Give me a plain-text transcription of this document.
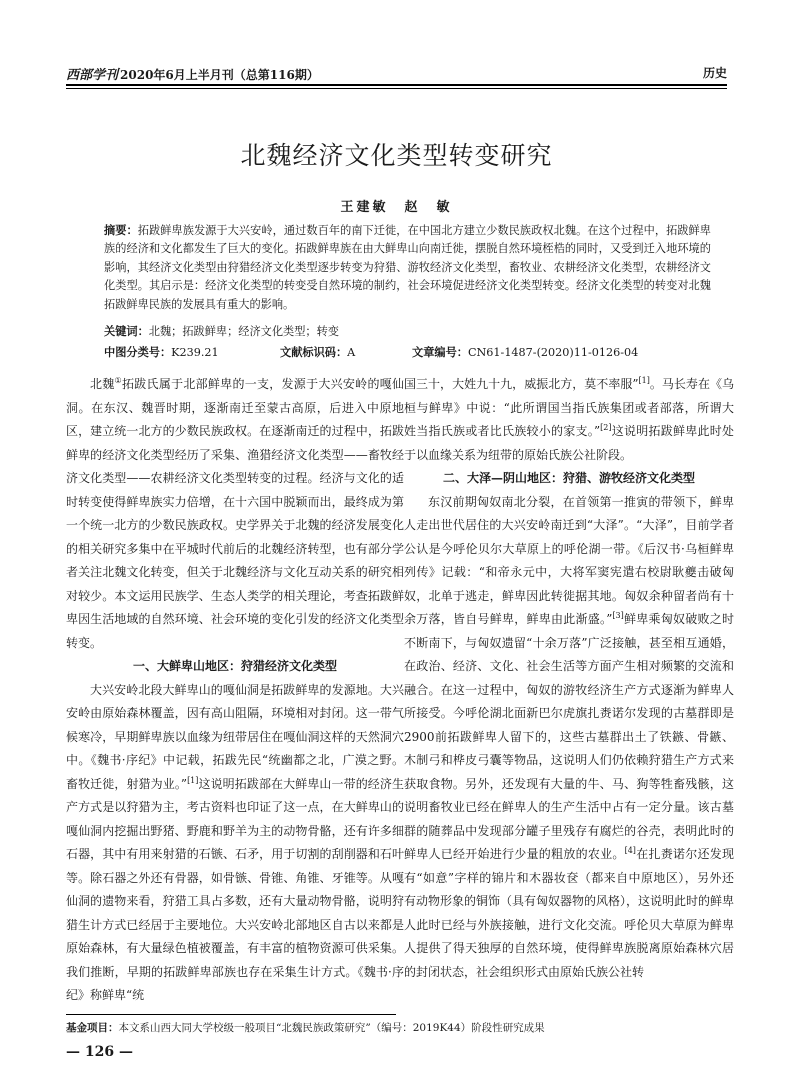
西部学刊 2020年6月上半月刊（总第116期）	历史
北魏经济文化类型转变研究
王建敏　赵　敏
摘要：拓跋鲜卑族发源于大兴安岭，通过数百年的南下迁徙，在中国北方建立少数民族政权北魏。在这个过程中，拓跋鲜卑族的经济和文化都发生了巨大的变化。拓跋鲜卑族在由大鲜卑山向南迁徙，摆脱自然环境桎梏的同时，又受到迁入地环境的影响，其经济文化类型由狩猎经济文化类型逐步转变为狩猎、游牧经济文化类型，畜牧业、农耕经济文化类型，农耕经济文化类型。其启示是：经济文化类型的转变受自然环境的制约，社会环境促进经济文化类型转变。经济文化类型的转变对北魏拓跋鲜卑民族的发展具有重大的影响。
关键词：北魏；拓跋鲜卑；经济文化类型；转变
中图分类号：K239.21	文献标识码：A	文章编号：CN61-1487-(2020)11-0126-04

北魏①拓跋氏属于北部鲜卑的一支，发源于大兴安岭的嘎仙洞。在东汉、魏晋时期，逐渐南迁至蒙古高原，后进入中原地区，建立统一北方的少数民族政权。在逐渐南迁的过程中，拓跋鲜卑的经济文化类型经历了采集、渔猎经济文化类型——畜牧经济文化类型——农耕经济文化类型转变的过程。经济与文化的适时转变使得鲜卑族实力倍增，在十六国中脱颖而出，最终成为第一个统一北方的少数民族政权。史学界关于北魏的经济发展变化的相关研究多集中在平城时代前后的北魏经济转型，也有部分学者关注北魏文化转变，但关于北魏经济与文化互动关系的研究相对较少。本文运用民族学、生态人类学的相关理论，考查拓跋鲜卑因生活地域的自然环境、社会环境的变化引发的经济文化类型转变。

一、大鲜卑山地区：狩猎经济文化类型

大兴安岭北段大鲜卑山的嘎仙洞是拓跋鲜卑的发源地。大兴安岭由原始森林覆盖，因有高山阻隔，环境相对封闭。这一带气候寒冷，早期鲜卑族以血缘为纽带居住在嘎仙洞这样的天然洞穴中。《魏书·序纪》中记载，拓跋先民“统幽都之北，广漠之野。畜牧迁徙，射猎为业。”[1]这说明拓跋部在大鲜卑山一带的经济生产方式是以狩猎为主，考古资料也印证了这一点，在大鲜卑山的嘎仙洞内挖掘出野猪、野鹿和野羊为主的动物骨骼，还有许多细石器，其中有用来射猎的石镞、石矛，用于切割的刮削器和石叶等。除石器之外还有骨器，如骨镞、骨锥、角锥、牙锥等。从嘎仙洞的遗物来看，狩猎工具占多数，还有大量动物骨骼，说明狩猎生计方式已经居于主要地位。大兴安岭北部地区自古以来都是原始森林，有大量绿色植被覆盖，有丰富的植物资源可供采集。我们推断，早期的拓跋鲜卑部族也存在采集生计方式。《魏书·序纪》称鲜卑“统

国三十，大姓九十九，威振北方，莫不率服”[1]。马长寿在《乌桓与鲜卑》中说：“此所谓国当指氏族集团或者部落，所谓大姓当指氏族或者比氏族较小的家支。”[2]这说明拓跋鲜卑此时处于以血缘关系为纽带的原始氏族公社阶段。

二、大泽—阴山地区：狩猎、游牧经济文化类型

东汉前期匈奴南北分裂，在首领第一推寅的带领下，鲜卑人走出世代居住的大兴安岭南迁到“大泽”。“大泽”，目前学者公认是今呼伦贝尔大草原上的呼伦湖一带。《后汉书·乌桓鲜卑列传》记载：“和帝永元中，大将军窦宪遣右校尉耿夔击破匈奴，北单于逃走，鲜卑因此转徙据其地。匈奴余种留者尚有十余万落，皆自号鲜卑，鲜卑由此渐盛。”[3]鲜卑乘匈奴破败之时不断南下，与匈奴遗留“十余万落”广泛接触，甚至相互通婚，在政治、经济、文化、社会生活等方面产生相对频繁的交流和融合。在这一过程中，匈奴的游牧经济生产方式逐渐为鲜卑人所接受。今呼伦湖北面新巴尔虎旗扎赉诺尔发现的古墓群即是2900前拓跋鲜卑人留下的，这些古墓群出土了铁鏃、骨鏃、木制弓和桦皮弓囊等物品，这说明人们仍依赖狩猎生产方式来获取食物。另外，还发现有大量的牛、马、狗等牲畜残骸，这说明畜牧业已经在鲜卑人的生产生活中占有一定分量。该古墓群的随葬品中发现部分罐子里残存有腐烂的谷壳，表明此时的鲜卑人已经开始进行少量的粗放的农业。[4]在扎赉诺尔还发现有“如意”字样的锦片和木器妆奁（都来自中原地区），另外还有动物形象的铜饰（具有匈奴器物的风格），这说明此时的鲜卑人此时已经与外族接触，进行文化交流。呼伦贝大草原为鲜卑人提供了得天独厚的自然环境，使得鲜卑族脱离原始森林穴居的封闭状态，社会组织形式由原始氏族公社转

基金项目：本文系山西大同大学校级一般项目“北魏民族政策研究”（编号：2019K44）阶段性研究成果
— 126 —
